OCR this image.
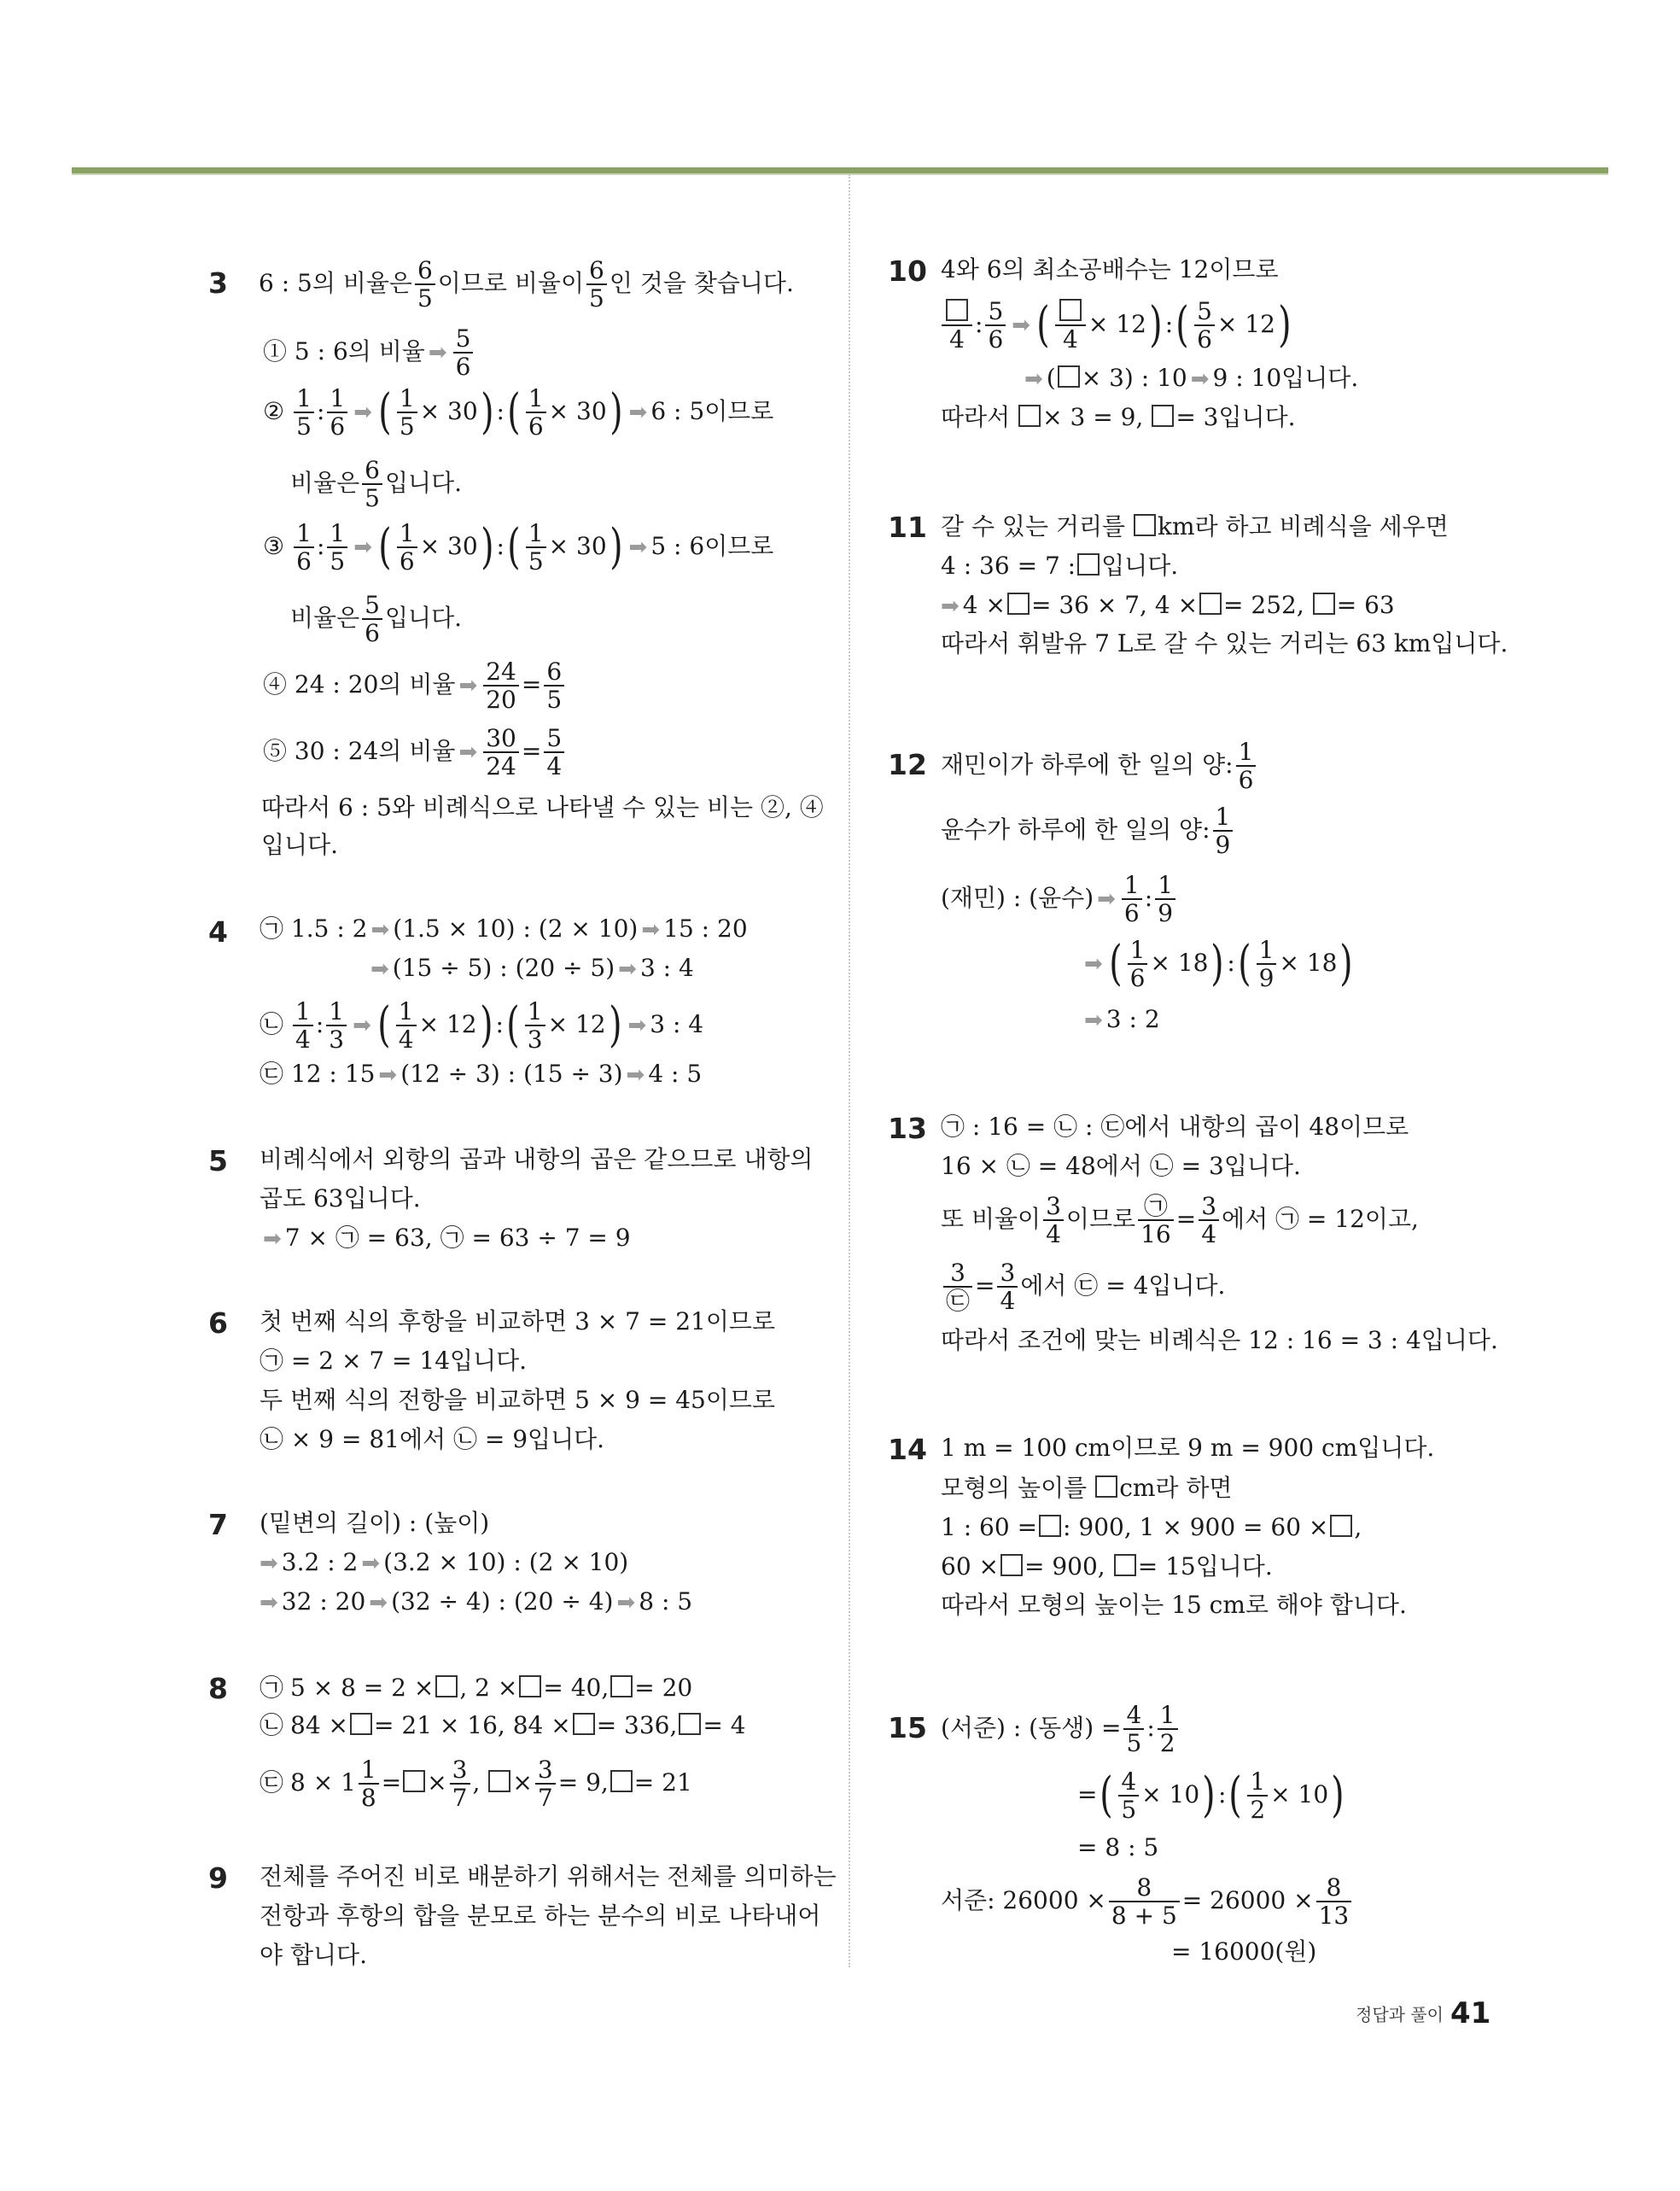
3 6 : 5의 비율은 $\frac{6}{5}$ 이므로 비율이 $\frac{6}{5}$ 인 것을 찾습니다.
① 5 : 6의 비율 ➡ $\frac{5}{6}$
② $\frac{1}{5}$ : $\frac{1}{6}$ ➡ ( $\frac{1}{5} \times 30$) :( $\frac{1}{6} \times 30$) ➡ 6 : 5이므로
비율은 $\frac{6}{5}$ 입니다.
③ $\frac{1}{6}$ : $\frac{1}{5}$ ➡ ( $\frac{1}{6} \times 30$) :( $\frac{1}{5} \times 30$) ➡ 5 : 6이므로
비율은 $\frac{5}{6}$ 입니다.
④ 24 : 20의 비율 ➡ $\frac{24}{20} = \frac{6}{5}$
⑤ 30 : 24의 비율 ➡ $\frac{30}{24} = \frac{5}{4}$
따라서 6 : 5와 비례식으로 나타낼 수 있는 비는 ②, ④
입니다.
4 ㉠ 1.5 : 2 ➡ (1.5 × 10) : (2 × 10) ➡ 15 : 20
➡ (15 ÷ 5) : (20 ÷ 5) ➡ 3 : 4
㉡ $\frac{1}{4}$ : $\frac{1}{3}$ ➡ ( $\frac{1}{4} \times 12$) :( $\frac{1}{3} \times 12$) ➡ 3 : 4
㉢ 12 : 15 ➡ (12 ÷ 3) : (15 ÷ 3) ➡ 4 : 5
5 비례식에서 외항의 곱과 내항의 곱은 같으므로 내항의
곱도 63입니다.
➡ 7 × ㉠ = 63, ㉠ = 63 ÷ 7 = 9
6 첫 번째 식의 후항을 비교하면 3 × 7 = 21이므로
㉠ = 2 × 7 = 14입니다.
두 번째 식의 전항을 비교하면 5 × 9 = 45이므로
㉡ × 9 = 81에서 ㉡ = 9입니다.
7 (밑변의 길이) : (높이)
➡ 3.2 : 2 ➡ (3.2 × 10) : (2 × 10)
➡ 32 : 20 ➡ (32 ÷ 4) : (20 ÷ 4) ➡ 8 : 5
8 ㉠ 5 × 8 = 2 × , 2 × = 40, = 20
㉡ 84 × = 21 × 16, 84 × = 336, = 4
㉢ $8 \times 1 \frac{1}{8}$ = × $\frac{3}{7}$ , × $\frac{3}{7} = 9$, = 21
9 전체를 주어진 비로 배분하기 위해서는 전체를 의미하는
전항과 후항의 합을 분모로 하는 분수의 비로 나타내어
야 합니다.
10 4와 6의 최소공배수는 12이므로
4
: $\frac{5}{6}$ ➡ ( 4
× 12) :( $\frac{5}{6} \times 12$)
➡ ( × 3) : 10 ➡ 9 : 10입니다.
따라서 × 3 = 9, = 3입니다.
11 갈 수 있는 거리를 km라 하고 비례식을 세우면
4 : 36 = 7 : 입니다.
➡ 4 × = 36 × 7, 4 × = 252, = 63
따라서 휘발유 7 L로 갈 수 있는 거리는 63 km입니다.
12 재민이가 하루에 한 일의 양: $\frac{1}{6}$
윤수가 하루에 한 일의 양: $\frac{1}{9}$
(재민) : (윤수) ➡ $\frac{1}{6}$ : $\frac{1}{9}$
➡ ( $\frac{1}{6} \times 18$) :( $\frac{1}{9} \times 18$)
➡ 3 : 2
13 ㉠ : 16 = ㉡ : ㉢에서 내항의 곱이 48이므로
16 × ㉡ = 48에서 ㉡ = 3입니다.
또 비율이 $\frac{3}{4}$ 이므로 $\frac{㉠}{16} = \frac{3}{4}$ 에서 ㉠ = 12이고,
$\frac{3}{㉢} = \frac{3}{4}$ 에서 ㉢ = 4입니다.
따라서 조건에 맞는 비례식은 12 : 16 = 3 : 4입니다.
14 1 m = 100 cm이므로 9 m = 900 cm입니다.
모형의 높이를 cm라 하면
1 : 60 = : 900, 1 × 900 = 60 × ,
60 × = 900, = 15입니다.
따라서 모형의 높이는 15 cm로 해야 합니다.
15 (서준) : (동생) = $\frac{4}{5}$ : $\frac{1}{2}$
=( $\frac{4}{5} \times 10$) :( $\frac{1}{2} \times 10$)
= 8 : 5
서준: $26000 \times \frac{8}{8 + 5} = 26000 \times \frac{8}{13}$
= 16000(원)
정답과 풀이 41
